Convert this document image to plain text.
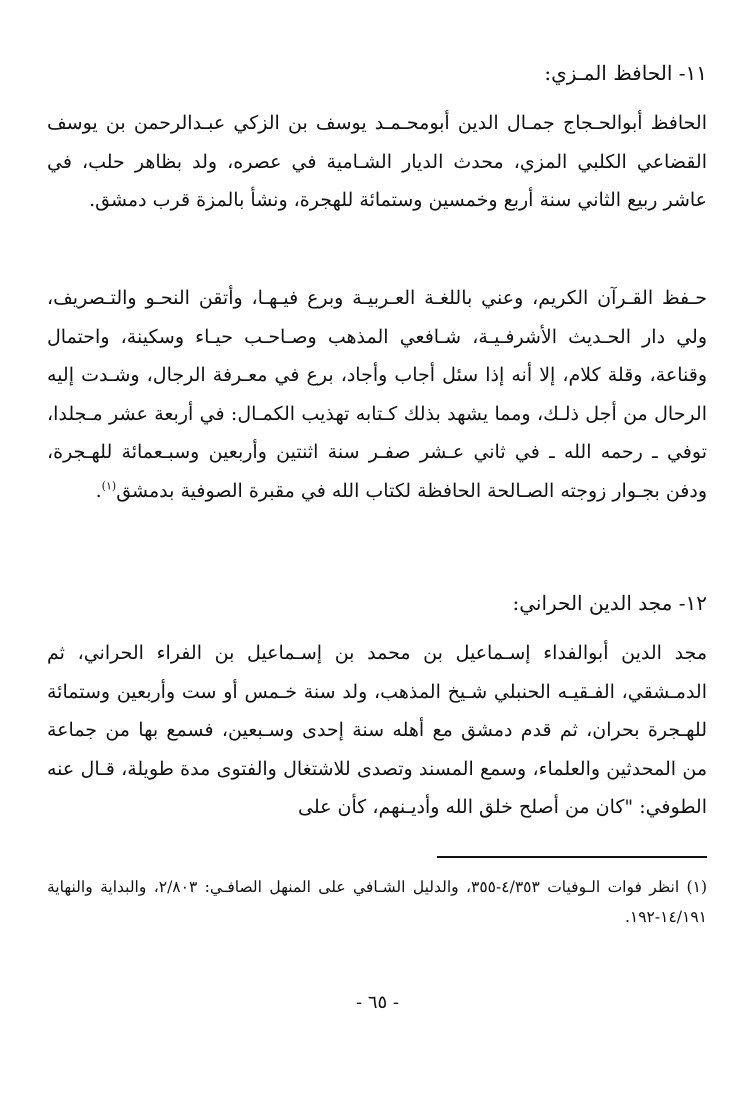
١١- الحافظ المـزي:

الحافظ أبوالحـجاج جمـال الدين أبومحـمـد يوسف بن الزكي عبـدالرحمن بن يوسف القضاعي الكلبي المزي، محدث الديار الشـامية في عصره، ولد بظاهر حلب، في عاشر ربيع الثاني سنة أربع وخمسين وستمائة للهجرة، ونشأ بالمزة قرب دمشق.

حـفظ القـرآن الكريم، وعني باللغـة العـربيـة وبرع فيـهـا، وأتقن النحـو والتـصريف، ولي دار الحـديث الأشرفـيـة، شـافعي المذهب وصـاحـب حيـاء وسكينة، واحتمال وقناعة، وقلة كلام، إلا أنه إذا سئل أجاب وأجاد، برع في معـرفة الرجال، وشـدت إليه الرحال من أجل ذلـك، ومما يشهد بذلك كـتابه تهذيب الكمـال: في أربعة عشر مـجلدا، توفي ـ رحمه الله ـ في ثاني عـشر صفـر سنة اثنتين وأربعين وسبـعمائة للهـجرة، ودفن بجـوار زوجته الصـالحة الحافظة لكتاب الله في مقبرة الصوفية بدمشق$^{(١)}$.

١٢- مجد الدين الحراني:

مجد الدين أبوالفداء إسـماعيل بن محمد بن إسـماعيل بن الفراء الحراني، ثم الدمـشقي، الفـقيـه الحنبلي شـيخ المذهب، ولد سنة خـمس أو ست وأربعين وستمائة للهـجرة بحران، ثم قدم دمشق مع أهله سنة إحدى وسـبعين، فسمع بها من جماعة من المحدثين والعلماء، وسمع المسند وتصدى للاشتغال والفتوى مدة طويلة، قـال عنه الطوفي: "كان من أصلح خلق الله وأديـنهم، كأن على

(١) انظر فوات الـوفيات ٤/٣٥٣-٣٥٥، والدليل الشـافي على المنهل الصافـي: ٢/٨٠٣، والبداية والنهاية ١٤/١٩١-١٩٢.

- ٦٥ -
